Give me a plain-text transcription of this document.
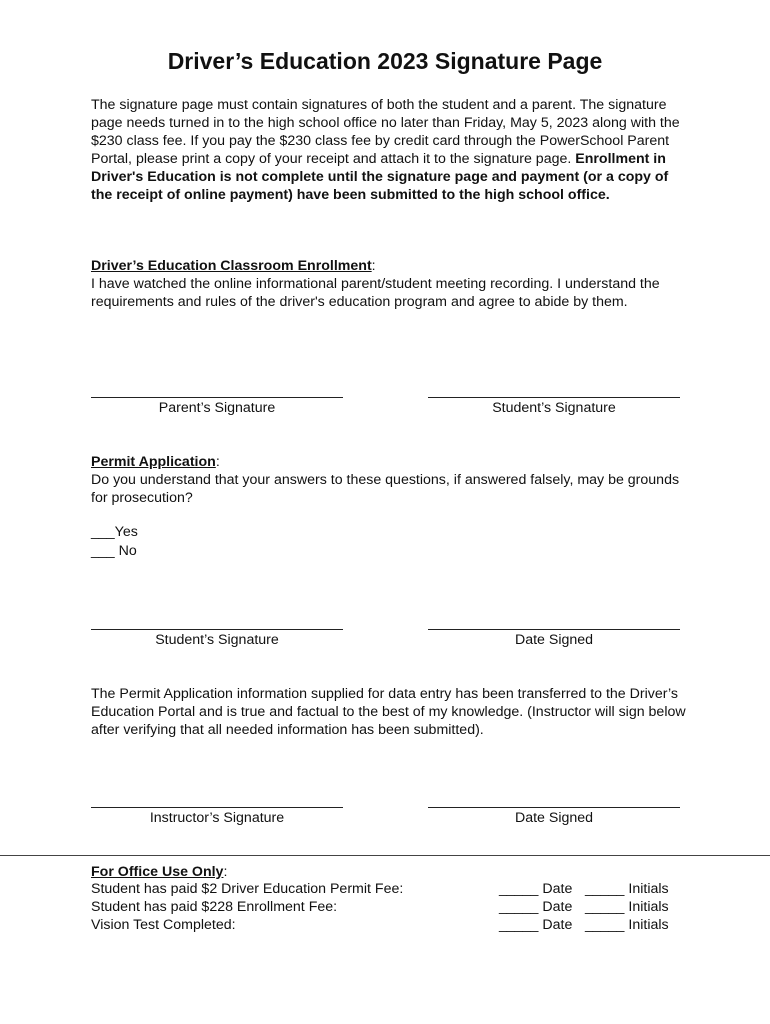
Driver’s Education 2023 Signature Page

The signature page must contain signatures of both the student and a parent. The signature page needs turned in to the high school office no later than Friday, May 5, 2023 along with the $230 class fee. If you pay the $230 class fee by credit card through the PowerSchool Parent Portal, please print a copy of your receipt and attach it to the signature page. Enrollment in Driver's Education is not complete until the signature page and payment (or a copy of the receipt of online payment) have been submitted to the high school office.

Driver’s Education Classroom Enrollment:
I have watched the online informational parent/student meeting recording. I understand the requirements and rules of the driver's education program and agree to abide by them.

Parent’s Signature	Student’s Signature

Permit Application:
Do you understand that your answers to these questions, if answered falsely, may be grounds for prosecution?

___Yes
___ No
Student’s Signature	Date Signed

The Permit Application information supplied for data entry has been transferred to the Driver’s Education Portal and is true and factual to the best of my knowledge. (Instructor will sign below after verifying that all needed information has been submitted).

Instructor’s Signature	Date Signed
For Office Use Only:
Student has paid $2 Driver Education Permit Fee:	_____ Date _____ Initials
Student has paid $228 Enrollment Fee:	_____ Date _____ Initials
Vision Test Completed:	_____ Date _____ Initials
